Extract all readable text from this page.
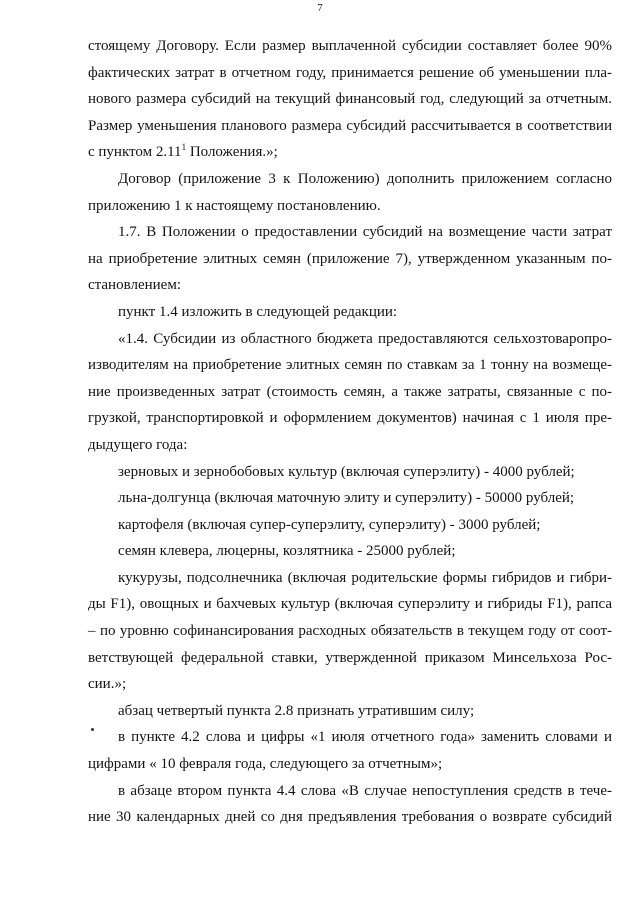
7
стоящему Договору. Если размер выплаченной субсидии составляет более 90%
фактических затрат в отчетном году, принимается решение об уменьшении пла-
нового размера субсидий на текущий финансовый год, следующий за отчетным.
Размер уменьшения планового размера субсидий рассчитывается в соответствии
с пунктом 2.11$^1$ Положения.»;
Договор (приложение 3 к Положению) дополнить приложением согласно
приложению 1 к настоящему постановлению.
1.7. В Положении о предоставлении субсидий на возмещение части затрат
на приобретение элитных семян (приложение 7), утвержденном указанным по-
становлением:
пункт 1.4 изложить в следующей редакции:
«1.4. Субсидии из областного бюджета предоставляются сельхозтоваропро-
изводителям на приобретение элитных семян по ставкам за 1 тонну на возмеще-
ние произведенных затрат (стоимость семян, а также затраты, связанные с по-
грузкой, транспортировкой и оформлением документов) начиная с 1 июля пре-
дыдущего года:
зерновых и зернобобовых культур (включая суперэлиту) - 4000 рублей;
льна-долгунца (включая маточную элиту и суперэлиту) - 50000 рублей;
картофеля (включая супер-суперэлиту, суперэлиту) - 3000 рублей;
семян клевера, люцерны, козлятника - 25000 рублей;
кукурузы, подсолнечника (включая родительские формы гибридов и гибри-
ды F1), овощных и бахчевых культур (включая суперэлиту и гибриды F1), рапса
– по уровню софинансирования расходных обязательств в текущем году от соот-
ветствующей федеральной ставки, утвержденной приказом Минсельхоза Рос-
сии.»;
абзац четвертый пункта 2.8 признать утратившим силу;
в пункте 4.2 слова и цифры «1 июля отчетного года» заменить словами и
цифрами « 10 февраля года, следующего за отчетным»;
в абзаце втором пункта 4.4 слова «В случае непоступления средств в тече-
ние 30 календарных дней со дня предъявления требования о возврате субсидий
